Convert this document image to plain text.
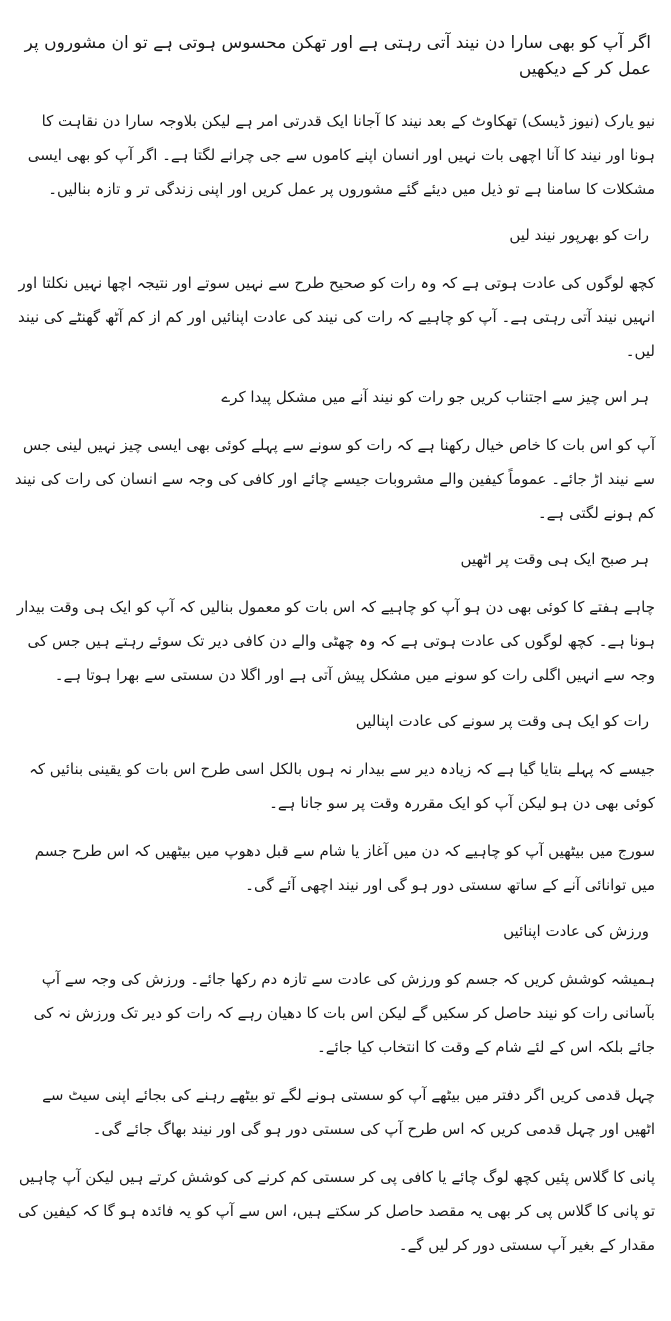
اگر آپ کو بھی سارا دن نیند آتی رہتی ہے اور تھکن محسوس ہوتی ہے تو ان مشوروں پر عمل کر کے دیکھیں

نیو یارک (نیوز ڈیسک) تھکاوٹ کے بعد نیند کا آجانا ایک قدرتی امر ہے لیکن بلاوجہ سارا دن نقاہت کا ہونا اور نیند کا آنا اچھی بات نہیں اور انسان اپنے کاموں سے جی چرانے لگتا ہے۔ اگر آپ کو بھی ایسی مشکلات کا سامنا ہے تو ذیل میں دیئے گئے مشوروں پر عمل کریں اور اپنی زندگی تر و تازہ بنالیں۔

رات کو بھرپور نیند لیں

کچھ لوگوں کی عادت ہوتی ہے کہ وہ رات کو صحیح طرح سے نہیں سوتے اور نتیجہ اچھا نہیں نکلتا اور انہیں نیند آتی رہتی ہے۔ آپ کو چاہیے کہ رات کی نیند کی عادت اپنائیں اور کم از کم آٹھ گھنٹے کی نیند لیں۔

ہر اس چیز سے اجتناب کریں جو رات کو نیند آنے میں مشکل پیدا کرے

آپ کو اس بات کا خاص خیال رکھنا ہے کہ رات کو سونے سے پہلے کوئی بھی ایسی چیز نہیں لینی جس سے نیند اڑ جائے۔ عموماً کیفین والے مشروبات جیسے چائے اور کافی کی وجہ سے انسان کی رات کی نیند کم ہونے لگتی ہے۔

ہر صبح ایک ہی وقت پر اٹھیں

چاہے ہفتے کا کوئی بھی دن ہو آپ کو چاہیے کہ اس بات کو معمول بنالیں کہ آپ کو ایک ہی وقت بیدار ہونا ہے۔ کچھ لوگوں کی عادت ہوتی ہے کہ وہ چھٹی والے دن کافی دیر تک سوئے رہتے ہیں جس کی وجہ سے انہیں اگلی رات کو سونے میں مشکل پیش آتی ہے اور اگلا دن سستی سے بھرا ہوتا ہے۔

رات کو ایک ہی وقت پر سونے کی عادت اپنالیں

جیسے کہ پہلے بتایا گیا ہے کہ زیادہ دیر سے بیدار نہ ہوں بالکل اسی طرح اس بات کو یقینی بنائیں کہ کوئی بھی دن ہو لیکن آپ کو ایک مقررہ وقت پر سو جانا ہے۔

سورج میں بیٹھیں آپ کو چاہیے کہ دن میں آغاز یا شام سے قبل دھوپ میں بیٹھیں کہ اس طرح جسم میں توانائی آنے کے ساتھ سستی دور ہو گی اور نیند اچھی آئے گی۔

ورزش کی عادت اپنائیں

ہمیشہ کوشش کریں کہ جسم کو ورزش کی عادت سے تازہ دم رکھا جائے۔ ورزش کی وجہ سے آپ بآسانی رات کو نیند حاصل کر سکیں گے لیکن اس بات کا دھیان رہے کہ رات کو دیر تک ورزش نہ کی جائے بلکہ اس کے لئے شام کے وقت کا انتخاب کیا جائے۔

چہل قدمی کریں اگر دفتر میں بیٹھے آپ کو سستی ہونے لگے تو بیٹھے رہنے کی بجائے اپنی سیٹ سے اٹھیں اور چہل قدمی کریں کہ اس طرح آپ کی سستی دور ہو گی اور نیند بھاگ جائے گی۔

پانی کا گلاس پئیں کچھ لوگ چائے یا کافی پی کر سستی کم کرنے کی کوشش کرتے ہیں لیکن آپ چاہیں تو پانی کا گلاس پی کر بھی یہ مقصد حاصل کر سکتے ہیں، اس سے آپ کو یہ فائدہ ہو گا کہ کیفین کی مقدار کے بغیر آپ سستی دور کر لیں گے۔
